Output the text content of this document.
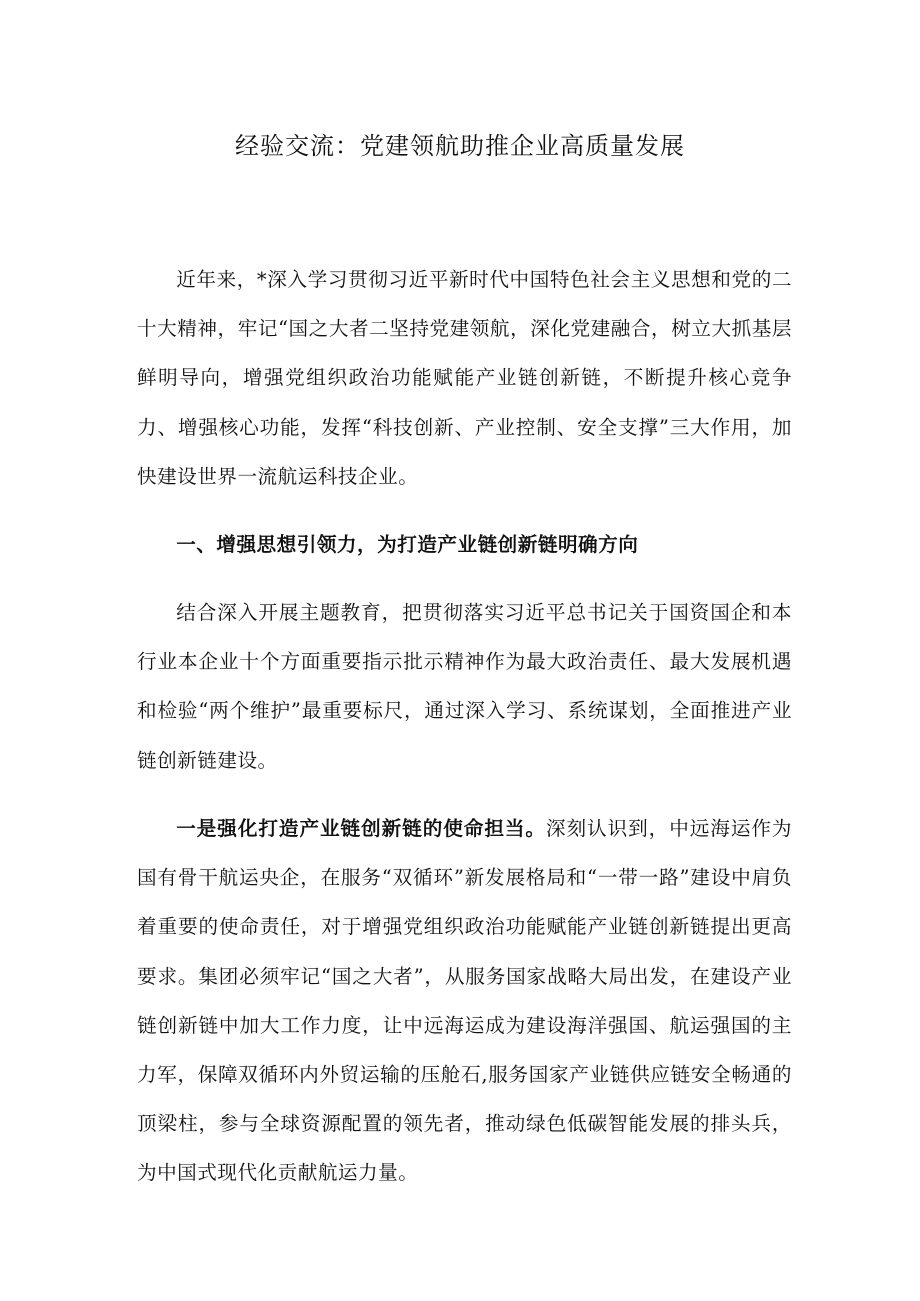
经验交流：党建领航助推企业高质量发展

近年来，*深入学习贯彻习近平新时代中国特色社会主义思想和党的二十大精神，牢记“国之大者二坚持党建领航，深化党建融合，树立大抓基层鲜明导向，增强党组织政治功能赋能产业链创新链，不断提升核心竞争力、增强核心功能，发挥“科技创新、产业控制、安全支撑”三大作用，加快建设世界一流航运科技企业。

一、增强思想引领力，为打造产业链创新链明确方向

结合深入开展主题教育，把贯彻落实习近平总书记关于国资国企和本行业本企业十个方面重要指示批示精神作为最大政治责任、最大发展机遇和检验“两个维护”最重要标尺，通过深入学习、系统谋划，全面推进产业链创新链建设。

一是强化打造产业链创新链的使命担当。深刻认识到，中远海运作为国有骨干航运央企，在服务“双循环”新发展格局和“一带一路”建设中肩负着重要的使命责任，对于增强党组织政治功能赋能产业链创新链提出更高要求。集团必须牢记“国之大者”，从服务国家战略大局出发，在建设产业链创新链中加大工作力度，让中远海运成为建设海洋强国、航运强国的主力军，保障双循环内外贸运输的压舱石,服务国家产业链供应链安全畅通的顶梁柱，参与全球资源配置的领先者，推动绿色低碳智能发展的排头兵，为中国式现代化贡献航运力量。
